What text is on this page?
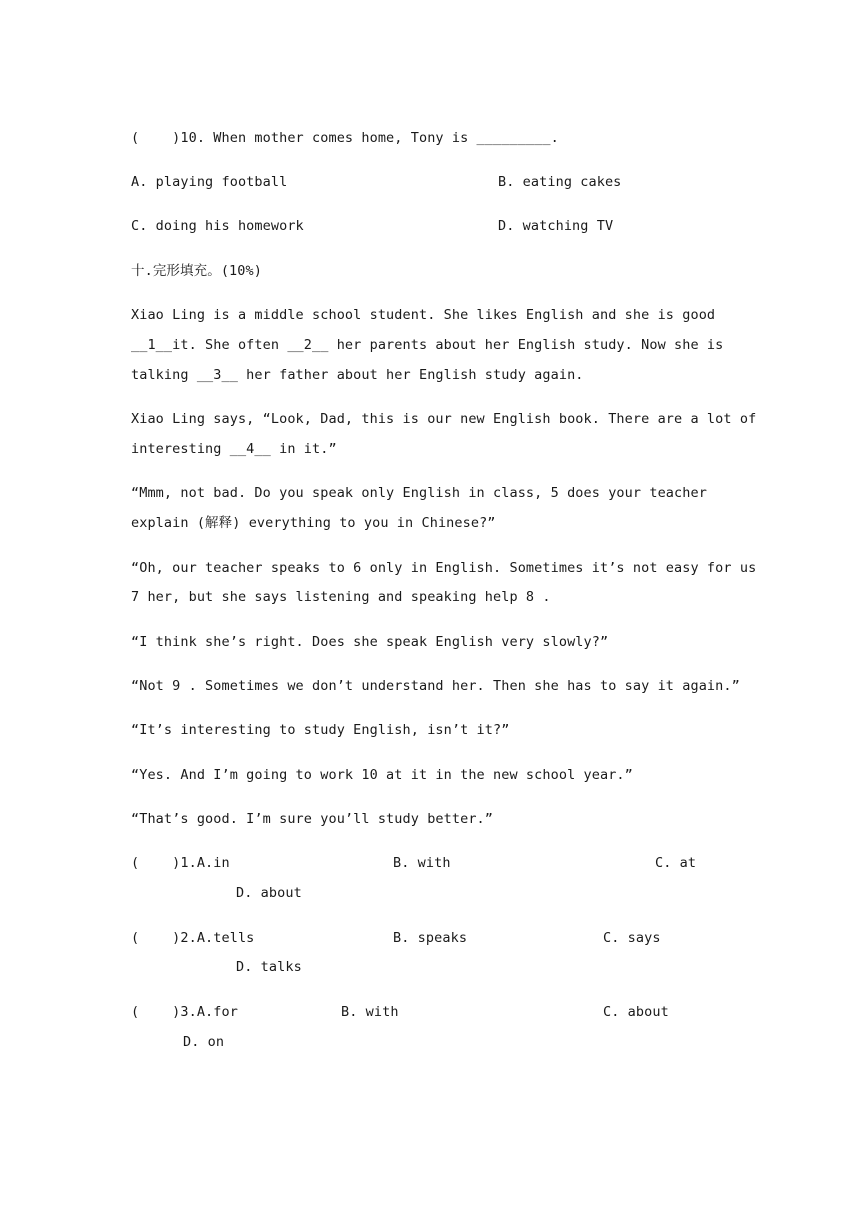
(    )10. When mother comes home, Tony is _________.
A. playing football	B. eating cakes
C. doing his homework	D. watching TV
十.完形填充。(10%)
Xiao Ling is a middle school student. She likes English and she is good
__1__it. She often __2__ her parents about her English study. Now she is
talking __3__ her father about her English study again.
Xiao Ling says, “Look, Dad, this is our new English book. There are a lot of
interesting __4__ in it.”
“Mmm, not bad. Do you speak only English in class, 5 does your teacher
explain (解释) everything to you in Chinese?”
“Oh, our teacher speaks to 6 only in English. Sometimes it’s not easy for us
7 her, but she says listening and speaking help 8 .
“I think she’s right. Does she speak English very slowly?”
“Not 9 . Sometimes we don’t understand her. Then she has to say it again.”
“It’s interesting to study English, isn’t it?”
“Yes. And I’m going to work 10 at it in the new school year.”
“That’s good. I’m sure you’ll study better.”
(    )1.A.in	B. with	C. at
D. about
(    )2.A.tells	B. speaks	C. says
D. talks
(    )3.A.for	B. with	C. about
D. on
